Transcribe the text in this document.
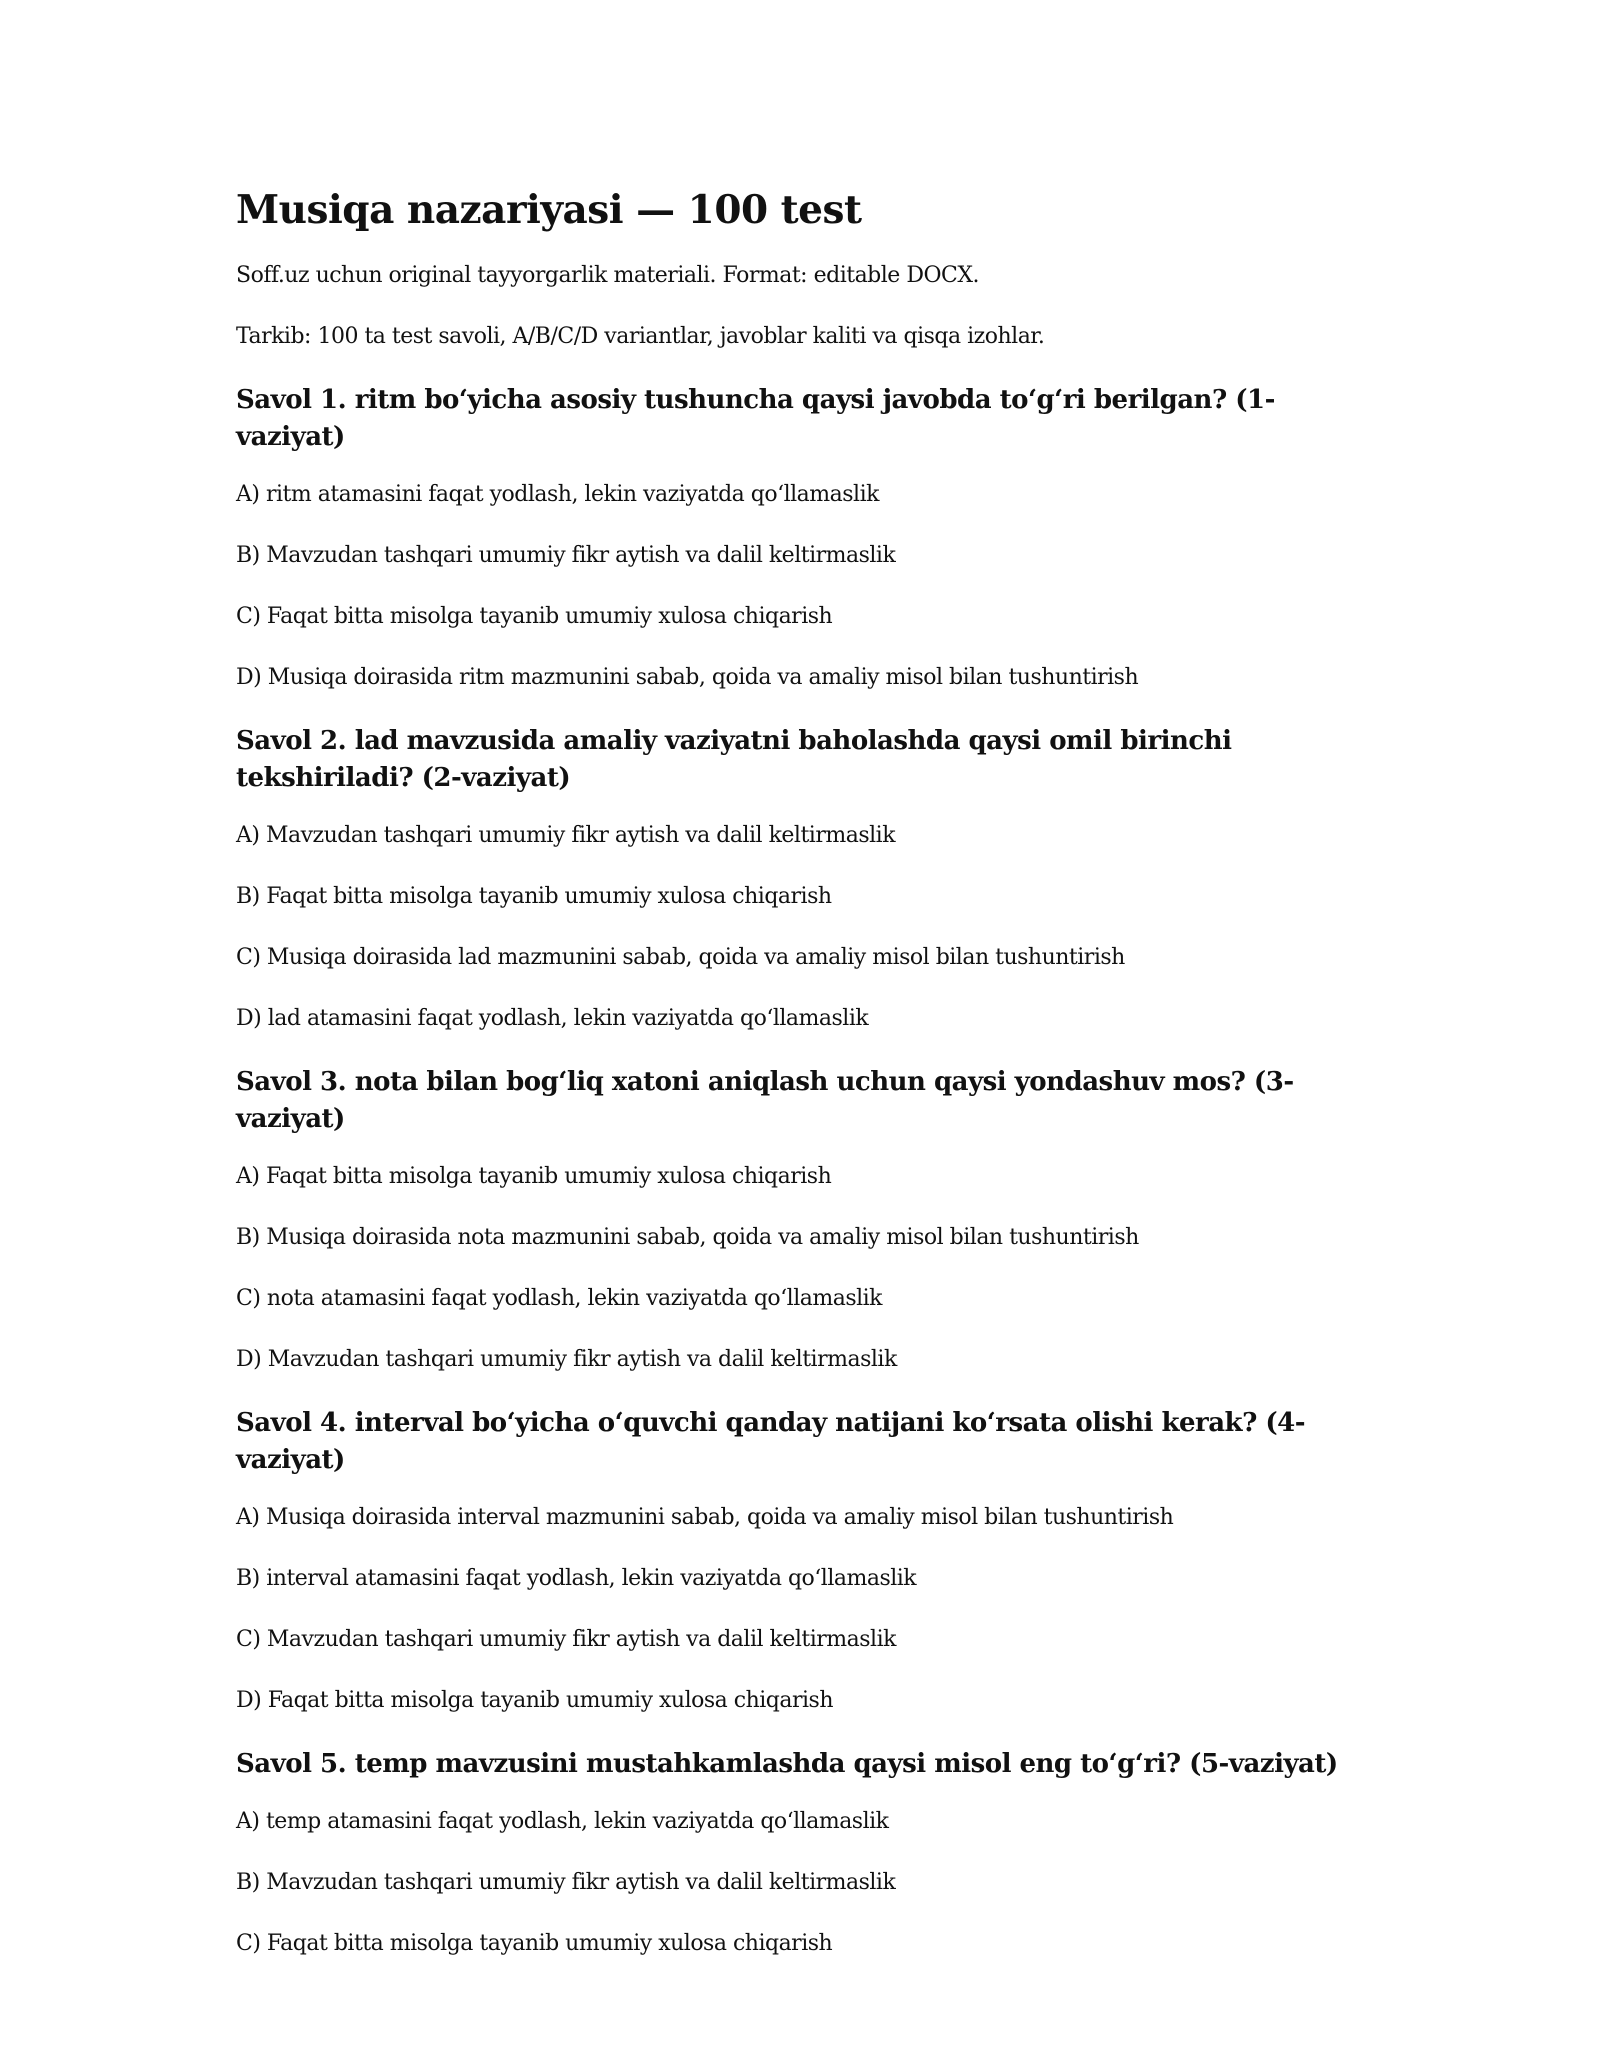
Musiqa nazariyasi — 100 test

Soff.uz uchun original tayyorgarlik materiali. Format: editable DOCX.

Tarkib: 100 ta test savoli, A/B/C/D variantlar, javoblar kaliti va qisqa izohlar.

Savol 1. ritm bo‘yicha asosiy tushuncha qaysi javobda to‘g‘ri berilgan? (1-vaziyat)

A) ritm atamasini faqat yodlash, lekin vaziyatda qo‘llamaslik

B) Mavzudan tashqari umumiy fikr aytish va dalil keltirmaslik

C) Faqat bitta misolga tayanib umumiy xulosa chiqarish

D) Musiqa doirasida ritm mazmunini sabab, qoida va amaliy misol bilan tushuntirish

Savol 2. lad mavzusida amaliy vaziyatni baholashda qaysi omil birinchi tekshiriladi? (2-vaziyat)

A) Mavzudan tashqari umumiy fikr aytish va dalil keltirmaslik

B) Faqat bitta misolga tayanib umumiy xulosa chiqarish

C) Musiqa doirasida lad mazmunini sabab, qoida va amaliy misol bilan tushuntirish

D) lad atamasini faqat yodlash, lekin vaziyatda qo‘llamaslik

Savol 3. nota bilan bog‘liq xatoni aniqlash uchun qaysi yondashuv mos? (3-vaziyat)

A) Faqat bitta misolga tayanib umumiy xulosa chiqarish

B) Musiqa doirasida nota mazmunini sabab, qoida va amaliy misol bilan tushuntirish

C) nota atamasini faqat yodlash, lekin vaziyatda qo‘llamaslik

D) Mavzudan tashqari umumiy fikr aytish va dalil keltirmaslik

Savol 4. interval bo‘yicha o‘quvchi qanday natijani ko‘rsata olishi kerak? (4-vaziyat)

A) Musiqa doirasida interval mazmunini sabab, qoida va amaliy misol bilan tushuntirish

B) interval atamasini faqat yodlash, lekin vaziyatda qo‘llamaslik

C) Mavzudan tashqari umumiy fikr aytish va dalil keltirmaslik

D) Faqat bitta misolga tayanib umumiy xulosa chiqarish

Savol 5. temp mavzusini mustahkamlashda qaysi misol eng to‘g‘ri? (5-vaziyat)

A) temp atamasini faqat yodlash, lekin vaziyatda qo‘llamaslik

B) Mavzudan tashqari umumiy fikr aytish va dalil keltirmaslik

C) Faqat bitta misolga tayanib umumiy xulosa chiqarish
